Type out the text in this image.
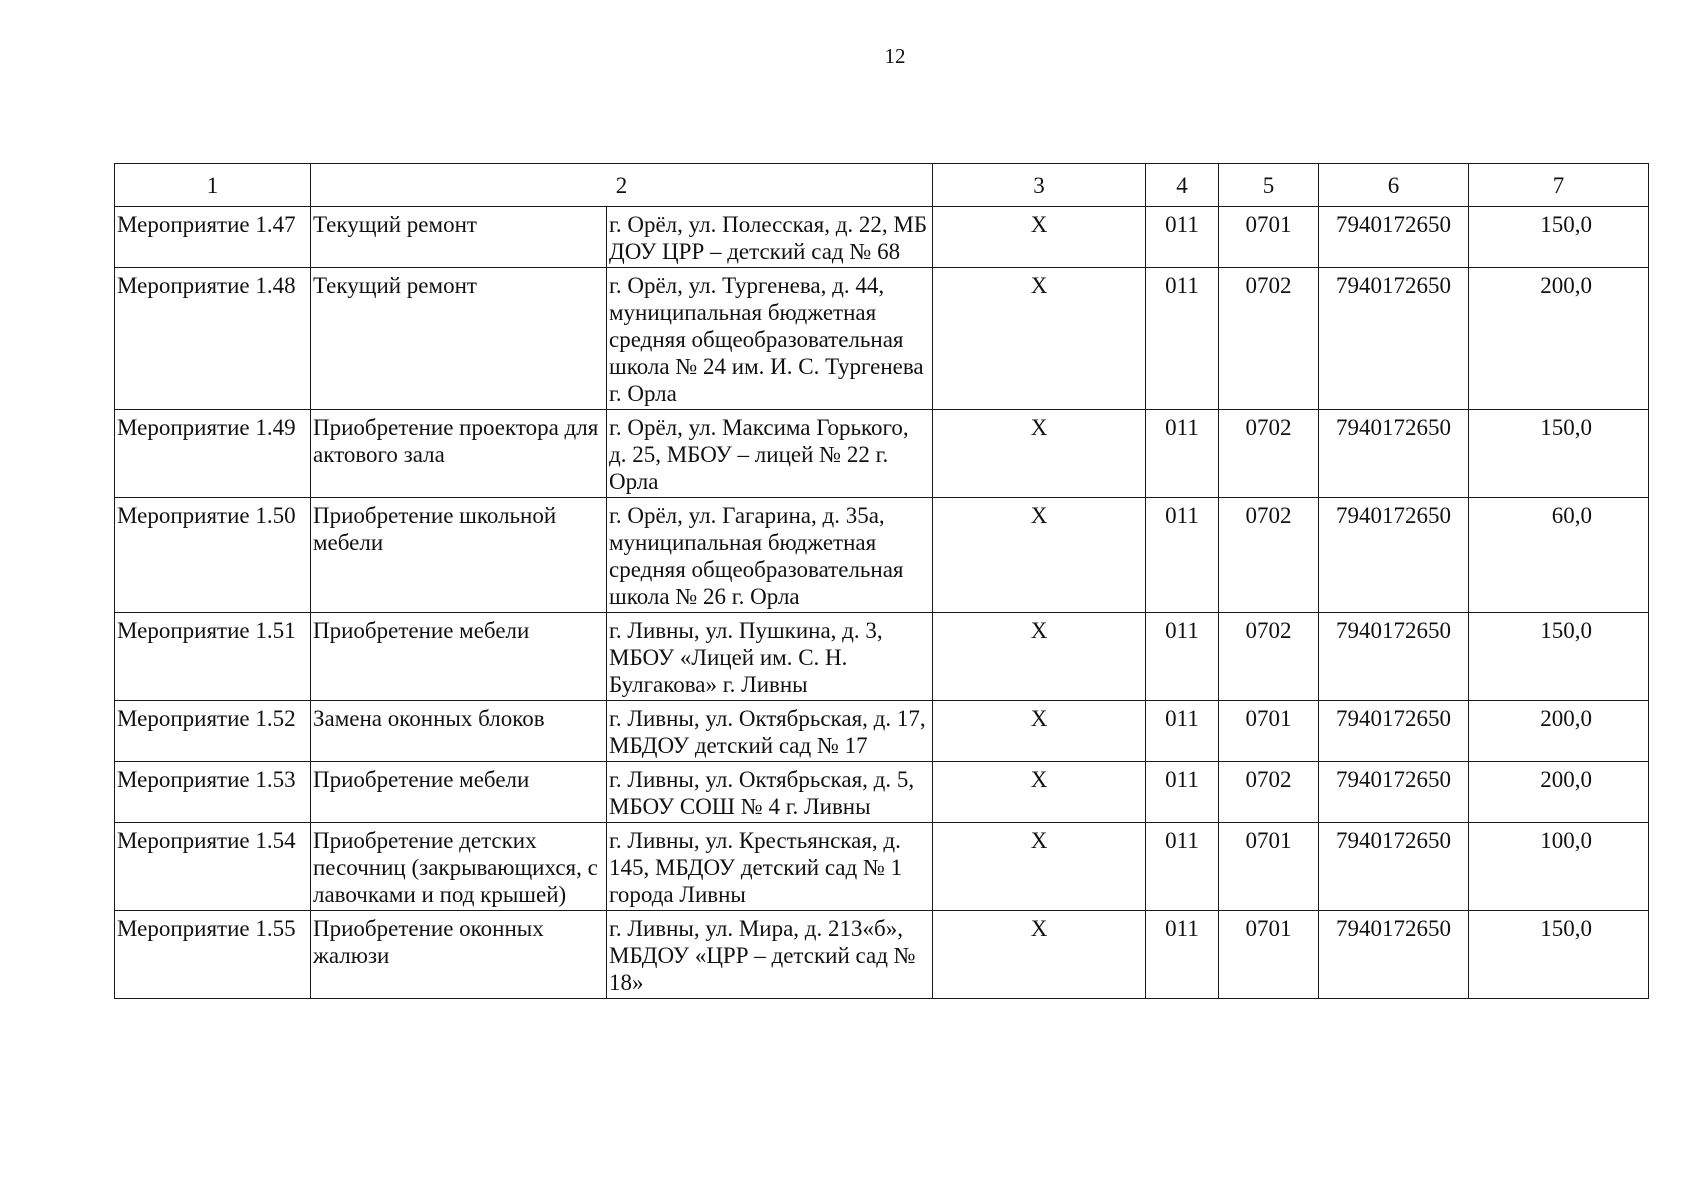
12
1	2		3	4	5	6	7
Мероприятие 1.47	Текущий ремонт	г. Орёл, ул. Полесская, д. 22, МБ ДОУ ЦРР – детский сад № 68	X	011	0701	7940172650	150,0
Мероприятие 1.48	Текущий ремонт	г. Орёл, ул. Тургенева, д. 44, муниципальная бюджетная средняя общеобразовательная школа № 24 им. И. С. Тургенева г. Орла	X	011	0702	7940172650	200,0
Мероприятие 1.49	Приобретение проектора для актового зала	г. Орёл, ул. Максима Горького, д. 25, МБОУ – лицей № 22 г. Орла	X	011	0702	7940172650	150,0
Мероприятие 1.50	Приобретение школьной мебели	г. Орёл, ул. Гагарина, д. 35а, муниципальная бюджетная средняя общеобразовательная школа № 26 г. Орла	X	011	0702	7940172650	60,0
Мероприятие 1.51	Приобретение мебели	г. Ливны, ул. Пушкина, д. 3, МБОУ «Лицей им. С. Н. Булгакова» г. Ливны	X	011	0702	7940172650	150,0
Мероприятие 1.52	Замена оконных блоков	г. Ливны, ул. Октябрьская, д. 17, МБДОУ детский сад № 17	X	011	0701	7940172650	200,0
Мероприятие 1.53	Приобретение мебели	г. Ливны, ул. Октябрьская, д. 5, МБОУ СОШ № 4 г. Ливны	X	011	0702	7940172650	200,0
Мероприятие 1.54	Приобретение детских песочниц (закрывающихся, с лавочками и под крышей)	г. Ливны, ул. Крестьянская, д. 145, МБДОУ детский сад № 1 города Ливны	X	011	0701	7940172650	100,0
Мероприятие 1.55	Приобретение оконных жалюзи	г. Ливны, ул. Мира, д. 213«б», МБДОУ «ЦРР – детский сад № 18»	X	011	0701	7940172650	150,0
